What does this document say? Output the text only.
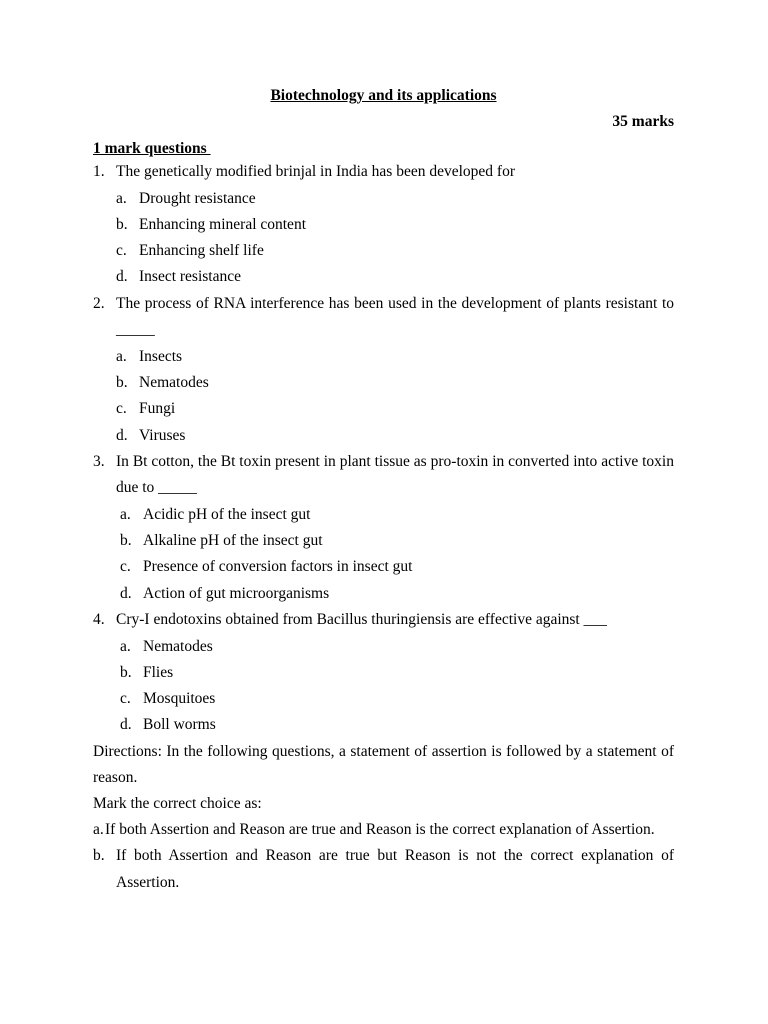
Biotechnology and its applications
35 marks
1 mark questions
1. The genetically modified brinjal in India has been developed for
a. Drought resistance
b. Enhancing mineral content
c. Enhancing shelf life
d. Insect resistance
2. The process of RNA interference has been used in the development of plants resistant to _____
a. Insects
b. Nematodes
c. Fungi
d. Viruses
3. In Bt cotton, the Bt toxin present in plant tissue as pro-toxin in converted into active toxin due to _____
a. Acidic pH of the insect gut
b. Alkaline pH of the insect gut
c. Presence of conversion factors in insect gut
d. Action of gut microorganisms
4. Cry-I endotoxins obtained from Bacillus thuringiensis are effective against ___
a. Nematodes
b. Flies
c. Mosquitoes
d. Boll worms
Directions: In the following questions, a statement of assertion is followed by a statement of reason.
Mark the correct choice as:
a. If both Assertion and Reason are true and Reason is the correct explanation of Assertion.
b. If both Assertion and Reason are true but Reason is not the correct explanation of Assertion.
